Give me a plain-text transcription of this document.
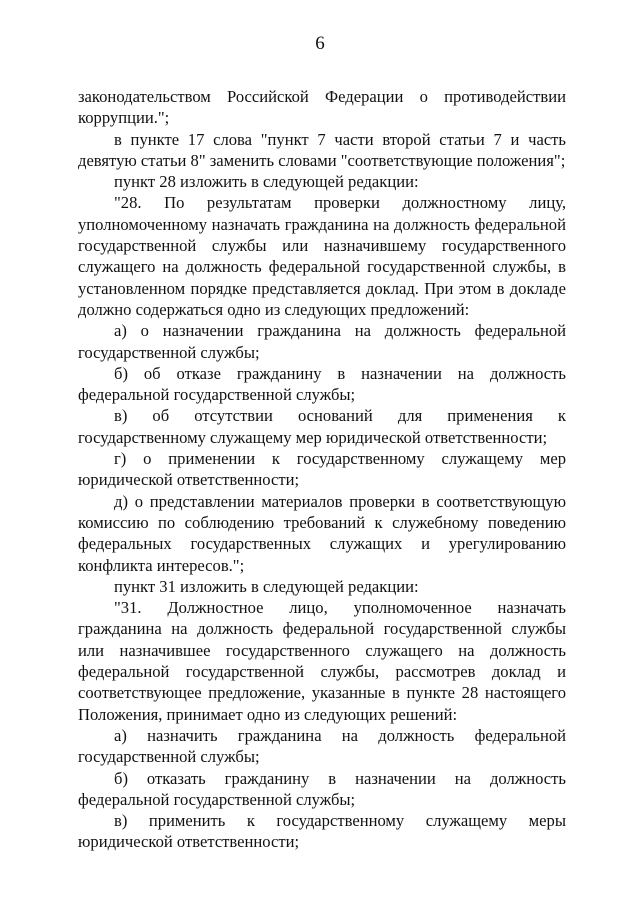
6

законодательством Российской Федерации о противодействии коррупции.";

в пункте 17 слова "пункт 7 части второй статьи 7 и часть девятую статьи 8" заменить словами "соответствующие положения";

пункт 28 изложить в следующей редакции:

"28. По результатам проверки должностному лицу, уполномоченному назначать гражданина на должность федеральной государственной службы или назначившему государственного служащего на должность федеральной государственной службы, в установленном порядке представляется доклад. При этом в докладе должно содержаться одно из следующих предложений:

а) о назначении гражданина на должность федеральной государственной службы;

б) об отказе гражданину в назначении на должность федеральной государственной службы;

в) об отсутствии оснований для применения к государственному служащему мер юридической ответственности;

г) о применении к государственному служащему мер юридической ответственности;

д) о представлении материалов проверки в соответствующую комиссию по соблюдению требований к служебному поведению федеральных государственных служащих и урегулированию конфликта интересов.";

пункт 31 изложить в следующей редакции:

"31. Должностное лицо, уполномоченное назначать гражданина на должность федеральной государственной службы или назначившее государственного служащего на должность федеральной государственной службы, рассмотрев доклад и соответствующее предложение, указанные в пункте 28 настоящего Положения, принимает одно из следующих решений:

а) назначить гражданина на должность федеральной государственной службы;

б) отказать гражданину в назначении на должность федеральной государственной службы;

в) применить к государственному служащему меры юридической ответственности;
